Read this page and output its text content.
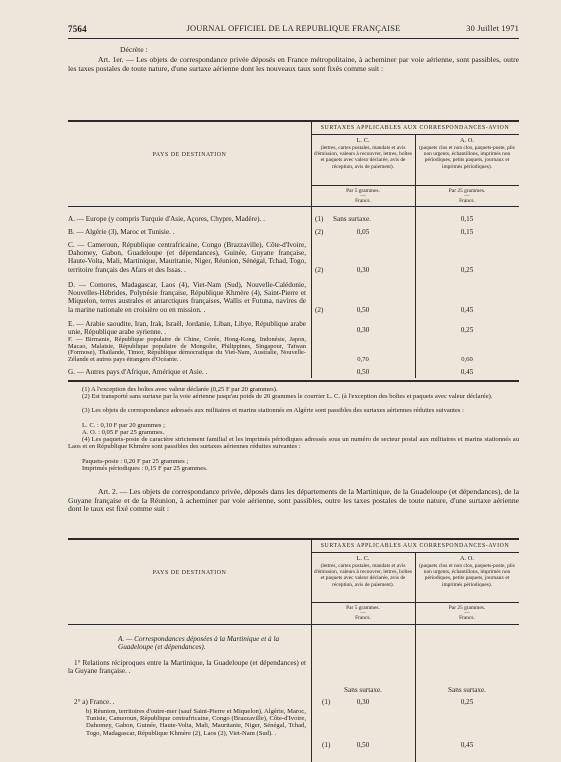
7564	JOURNAL OFFICIEL DE LA REPUBLIQUE FRANÇAISE	30 Juillet 1971
Décrète :
Art. 1er. — Les objets de correspondance privée déposés en France métropolitaine, à acheminer par voie aérienne, sont passibles, outre les taxes postales de toute nature, d'une surtaxe aérienne dont les nouveaux taux sont fixés comme suit :
SURTAXES APPLICABLES AUX CORRESPONDANCES-AVION
PAYS DE DESTINATION
L. C.
(lettres, cartes postales, mandats et avis d'émission, valeurs à recouvrer, lettres, boîtes et paquets avec valeur déclarée, avis de réception, avis de paiement).
A. O.
(paquets clos et non clos, paquets-poste, plis non urgents, échantillons, imprimés non périodiques, petits paquets, journaux et imprimés périodiques).
Par 5 grammes.
—
Francs.
Par 25 grammes.
—
Francs.
A. — Europe (y compris Turquie d'Asie, Açores, Chypre, Madère). .	(1) Sans surtaxe.	0,15
B. — Algérie (3), Maroc et Tunisie. .	(2)	0,05	0,15
C. — Cameroun, République centrafricaine, Congo (Brazzaville), Côte-d'Ivoire, Dahomey, Gabon, Guadeloupe (et dépendances), Guinée, Guyane française, Haute-Volta, Mali, Martinique, Mauritanie, Niger, Réunion, Sénégal, Tchad, Togo, territoire français des Afars et des Issas. .	(2)	0,30	0,25
D. — Comores, Madagascar, Laos (4), Viet-Nam (Sud), Nouvelle-Calédonie, Nouvelles-Hébrides, Polynésie française, République Khmère (4), Saint-Pierre et Miquelon, terres australes et antarctiques françaises, Wallis et Futuna, navires de la marine nationale en croisière ou en mission. .	(2)	0,50	0,45
E. — Arabie saoudite, Iran, Irak, Israël, Jordanie, Liban, Libye, République arabe unie, République arabe syrienne. .	0,30	0,25
F. — Birmanie, République populaire de Chine, Corée, Hong-Kong, Indonésie, Japon, Macao, Malaisie, République populaire de Mongolie, Philippines, Singapour, Taïwan (Formose), Thaïlande, Timor, République démocratique du Viet-Nam, Australie, Nouvelle-Zélande et autres pays étrangers d'Océanie. .	0,70	0,60
G. — Autres pays d'Afrique, Amérique et Asie. .	0,50	0,45
(1) A l'exception des boîtes avec valeur déclarée (0,25 F par 20 grammes).
(2) Est transporté sans surtaxe par la voie aérienne jusqu'au poids de 20 grammes le courrier L. C. (à l'exception des boîtes et paquets avec valeur déclarée).
(3) Les objets de correspondance adressés aux militaires et marins stationnés en Algérie sont passibles des surtaxes aériennes réduites suivantes :
L. C. : 0,10 F par 20 grammes ;
A. O. : 0,05 F par 25 grammes.
(4) Les paquets-poste de caractère strictement familial et les imprimés périodiques adressés sous un numéro de secteur postal aux militaires et marins stationnés au Laos et en République Khmère sont passibles des surtaxes aériennes réduites suivantes :
Paquets-poste : 0,20 F par 25 grammes ;
Imprimés périodiques : 0,15 F par 25 grammes.
Art. 2. — Les objets de correspondance privée, déposés dans les départements de la Martinique, de la Guadeloupe (et dépendances), de la Guyane française et de la Réunion, à acheminer par voie aérienne, sont passibles, outre les taxes postales de toute nature, d'une surtaxe aérienne dont le taux est fixé comme suit :
SURTAXES APPLICABLES AUX CORRESPONDANCES-AVION
PAYS DE DESTINATION
L. C.
(lettres, cartes postales, mandats et avis d'émission, valeurs à recouvrer, lettres, boîtes et paquets avec valeur déclarée, avis de réception, avis de paiement).
A. O.
(paquets clos et non clos, paquets-poste, plis non urgents, échantillons, imprimés non périodiques, petits paquets, journaux et imprimés périodiques).
Par 5 grammes.
—
Francs.
Par 25 grammes.
—
Francs.
A. — Correspondances déposées à la Martinique et à la Guadeloupe (et dépendances).
1° Relations réciproques entre la Martinique, la Guadeloupe (et dépendances) et la Guyane française. .
Sans surtaxe.	Sans surtaxe.
2° a) France. .	(1)	0,30	0,25
b) Réunion, territoires d'outre-mer (sauf Saint-Pierre et Miquelon), Algérie, Maroc, Tunisie, Cameroun, République centrafricaine, Congo (Brazzaville), Côte-d'Ivoire, Dahomey, Gabon, Guinée, Haute-Volta, Mali, Mauritanie, Niger, Sénégal, Tchad, Togo, Madagascar, République Khmère (2), Laos (2), Viet-Nam (Sud). .
(1)	0,50	0,45
